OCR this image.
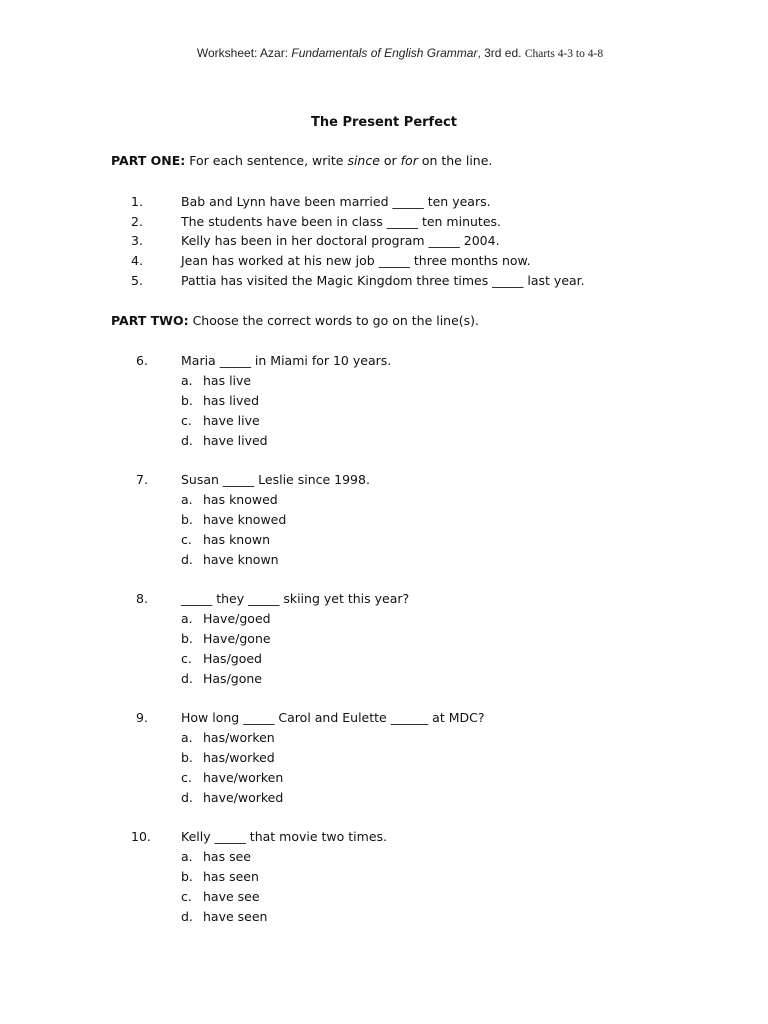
Worksheet: Azar: Fundamentals of English Grammar, 3rd ed. Charts 4-3 to 4-8
The Present Perfect
PART ONE: For each sentence, write since or for on the line.
1.	Bab and Lynn have been married _____ ten years.
2.	The students have been in class _____ ten minutes.
3.	Kelly has been in her doctoral program _____ 2004.
4.	Jean has worked at his new job _____ three months now.
5.	Pattia has visited the Magic Kingdom three times _____ last year.
PART TWO: Choose the correct words to go on the line(s).
6.	Maria _____ in Miami for 10 years.
a. has live
b. has lived
c. have live
d. have lived
7.	Susan _____ Leslie since 1998.
a. has knowed
b. have knowed
c. has known
d. have known
8.	_____ they _____ skiing yet this year?
a. Have/goed
b. Have/gone
c. Has/goed
d. Has/gone
9.	How long _____ Carol and Eulette ______ at MDC?
a. has/worken
b. has/worked
c. have/worken
d. have/worked
10. Kelly _____ that movie two times.
a. has see
b. has seen
c. have see
d. have seen
